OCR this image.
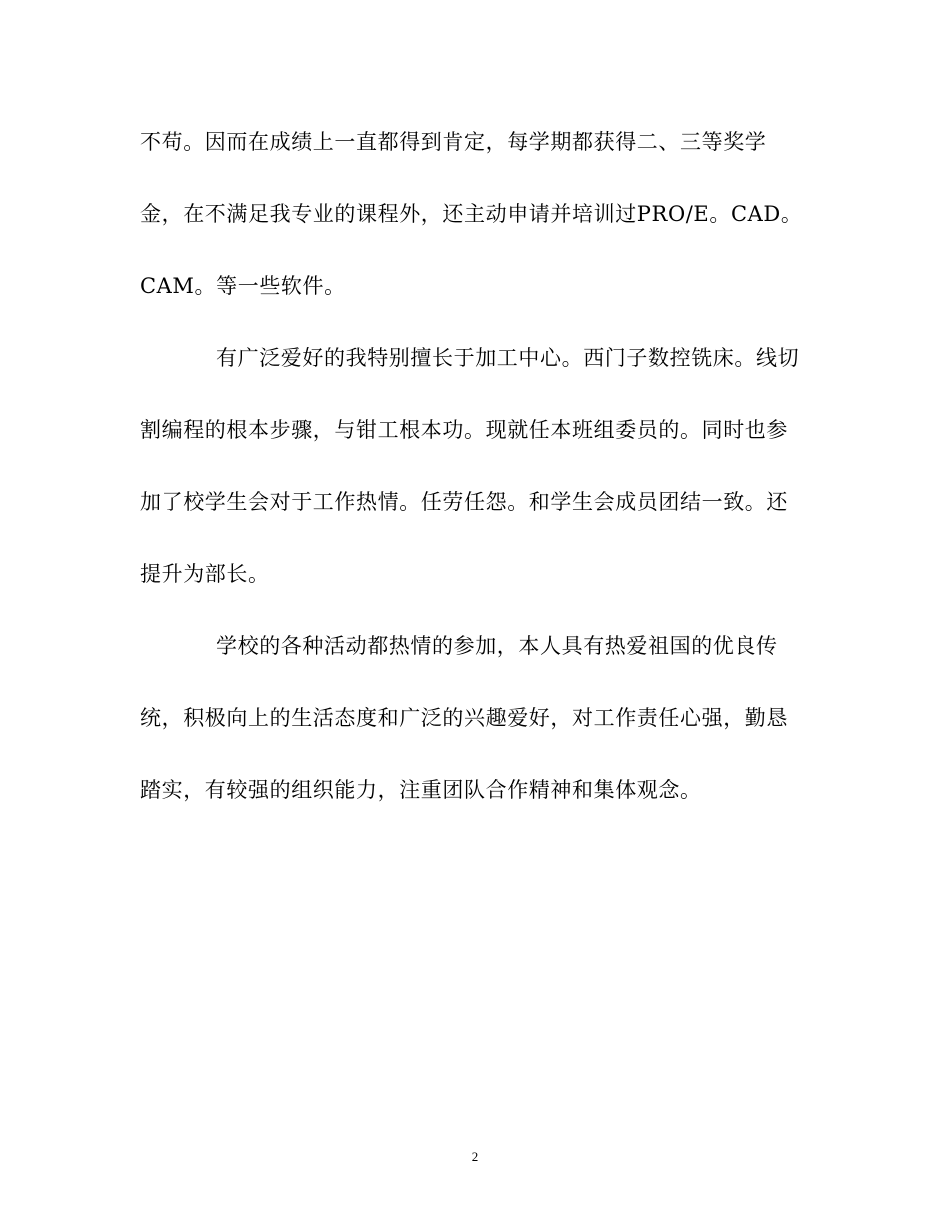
不苟。因而在成绩上一直都得到肯定，每学期都获得二、三等奖学
金，在不满足我专业的课程外，还主动申请并培训过PRO/E。CAD。
CAM。等一些软件。
有广泛爱好的我特别擅长于加工中心。西门子数控铣床。线切
割编程的根本步骤，与钳工根本功。现就任本班组委员的。同时也参
加了校学生会对于工作热情。任劳任怨。和学生会成员团结一致。还
提升为部长。
学校的各种活动都热情的参加，本人具有热爱祖国的优良传
统，积极向上的生活态度和广泛的兴趣爱好，对工作责任心强，勤恳
踏实，有较强的组织能力，注重团队合作精神和集体观念。
2
